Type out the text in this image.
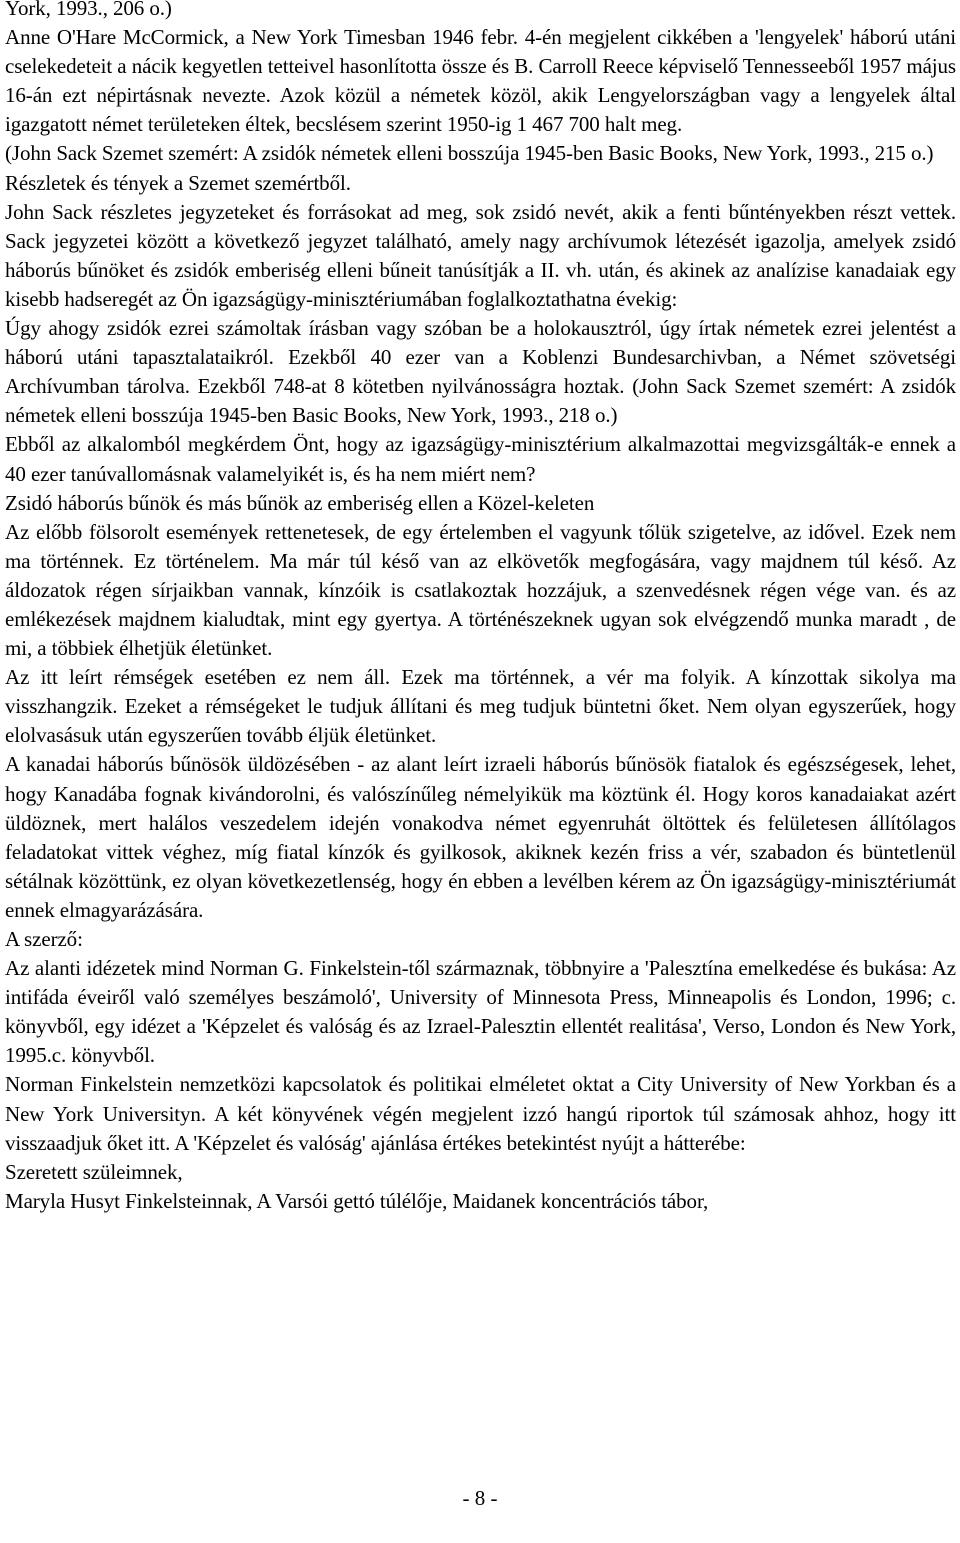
York, 1993., 206 o.)

Anne O'Hare McCormick, a New York Timesban 1946 febr. 4-én megjelent cikkében a 'lengyelek' háború utáni cselekedeteit a nácik kegyetlen tetteivel hasonlította össze és B. Carroll Reece képviselő Tennesseeből 1957 május 16-án ezt népirtásnak nevezte. Azok közül a németek közöl, akik Lengyelországban vagy a lengyelek által igazgatott német területeken éltek, becslésem szerint 1950-ig 1 467 700 halt meg.

(John Sack Szemet szemért: A zsidók németek elleni bosszúja 1945-ben Basic Books, New York, 1993., 215 o.)

Részletek és tények a Szemet szemértből.

John Sack részletes jegyzeteket és forrásokat ad meg, sok zsidó nevét, akik a fenti bűntényekben részt vettek. Sack jegyzetei között a következő jegyzet található, amely nagy archívumok létezését igazolja, amelyek zsidó háborús bűnöket és zsidók emberiség elleni bűneit tanúsítják a II. vh. után, és akinek az analízise kanadaiak egy kisebb hadseregét az Ön igazságügy-minisztériumában foglalkoztathatna évekig:

Úgy ahogy zsidók ezrei számoltak írásban vagy szóban be a holokausztról, úgy írtak németek ezrei jelentést a háború utáni tapasztalataikról. Ezekből 40 ezer van a Koblenzi Bundesarchivban, a Német szövetségi Archívumban tárolva. Ezekből 748-at 8 kötetben nyilvánosságra hoztak. (John Sack Szemet szemért: A zsidók németek elleni bosszúja 1945-ben Basic Books, New York, 1993., 218 o.)

Ebből az alkalomból megkérdem Önt, hogy az igazságügy-minisztérium alkalmazottai megvizsgálták-e ennek a 40 ezer tanúvallomásnak valamelyikét is, és ha nem miért nem?

Zsidó háborús bűnök és más bűnök az emberiség ellen a Közel-keleten

Az előbb fölsorolt események rettenetesek, de egy értelemben el vagyunk tőlük szigetelve, az idővel. Ezek nem ma történnek. Ez történelem. Ma már túl késő van az elkövetők megfogására, vagy majdnem túl késő. Az áldozatok régen sírjaikban vannak, kínzóik is csatlakoztak hozzájuk, a szenvedésnek régen vége van. és az emlékezések majdnem kialudtak, mint egy gyertya. A történészeknek ugyan sok elvégzendő munka maradt , de mi, a többiek élhetjük életünket.

Az itt leírt rémségek esetében ez nem áll. Ezek ma történnek, a vér ma folyik. A kínzottak sikolya ma visszhangzik. Ezeket a rémségeket le tudjuk állítani és meg tudjuk büntetni őket. Nem olyan egyszerűek, hogy elolvasásuk után egyszerűen tovább éljük életünket.

A kanadai háborús bűnösök üldözésében - az alant leírt izraeli háborús bűnösök fiatalok és egészségesek, lehet, hogy Kanadába fognak kivándorolni, és valószínűleg némelyikük ma köztünk él. Hogy koros kanadaiakat azért üldöznek, mert halálos veszedelem idején vonakodva német egyenruhát öltöttek és felületesen állítólagos feladatokat vittek véghez, míg fiatal kínzók és gyilkosok, akiknek kezén friss a vér, szabadon és büntetlenül sétálnak közöttünk, ez olyan következetlenség, hogy én ebben a levélben kérem az Ön igazságügy-minisztériumát ennek elmagyarázására.

A szerző:

Az alanti idézetek mind Norman G. Finkelstein-től származnak, többnyire a 'Palesztína emelkedése és bukása: Az intifáda éveiről való személyes beszámoló', University of Minnesota Press, Minneapolis és London, 1996; c. könyvből, egy idézet a 'Képzelet és valóság és az Izrael-Palesztin ellentét realitása', Verso, London és New York, 1995.c. könyvből.

Norman Finkelstein nemzetközi kapcsolatok és politikai elméletet oktat a City University of New Yorkban és a New York Universityn. A két könyvének végén megjelent izzó hangú riportok túl számosak ahhoz, hogy itt visszaadjuk őket itt. A 'Képzelet és valóság' ajánlása értékes betekintést nyújt a hátterébe:

Szeretett szüleimnek,

Maryla Husyt Finkelsteinnak, A Varsói gettó túlélője, Maidanek koncentrációs tábor,

- 8 -
